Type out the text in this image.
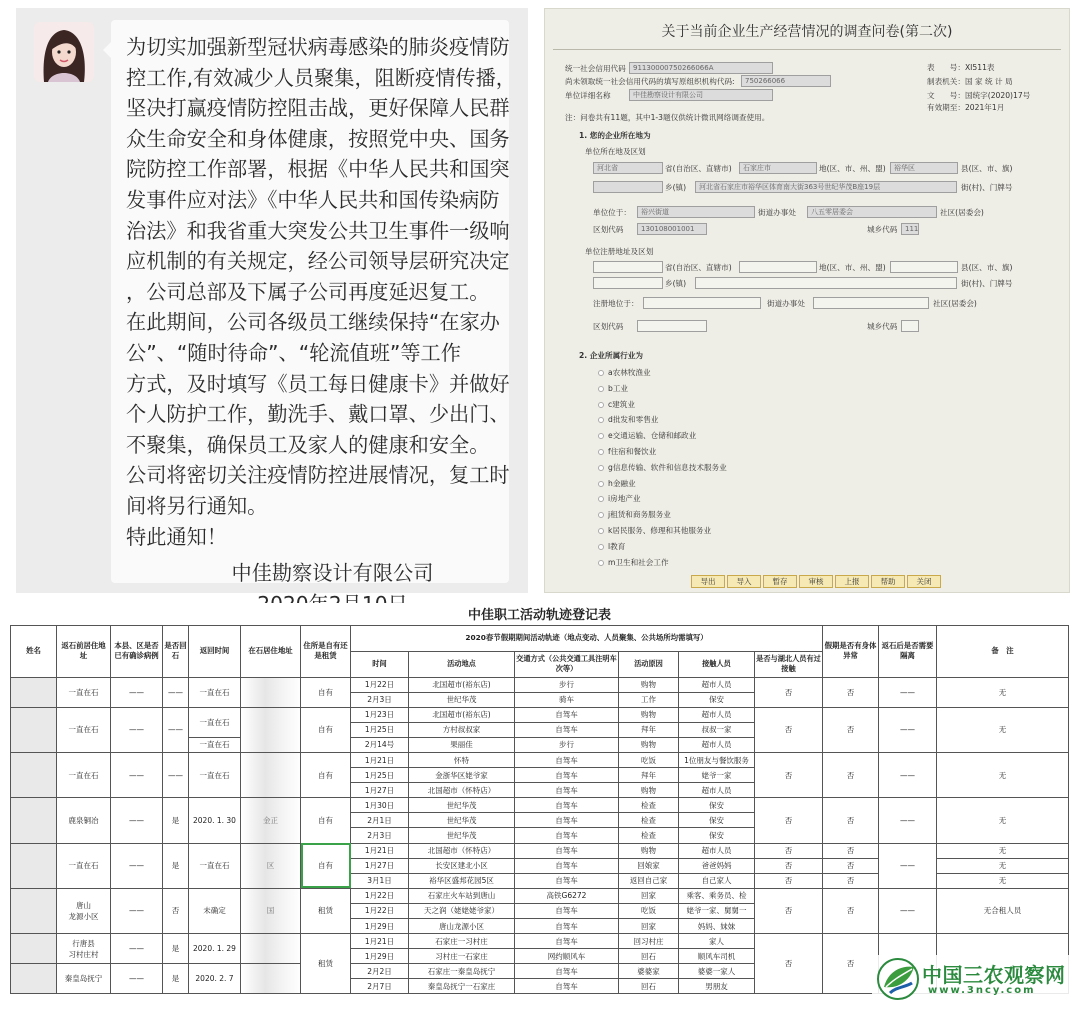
为切实加强新型冠状病毒感染的肺炎疫情防
控工作,有效减少人员聚集，阻断疫情传播，
坚决打赢疫情防控阻击战，更好保障人民群
众生命安全和身体健康，按照党中央、国务
院防控工作部署，根据《中华人民共和国突
发事件应对法》《中华人民共和国传染病防
治法》和我省重大突发公共卫生事件一级响
应机制的有关规定，经公司领导层研究决定
，公司总部及下属子公司再度延迟复工。
在此期间，公司各级员工继续保持“在家办
公”、“随时待命”、“轮流值班”等工作
方式，及时填写《员工每日健康卡》并做好
个人防护工作，勤洗手、戴口罩、少出门、
不聚集，确保员工及家人的健康和安全。
公司将密切关注疫情防控进展情况，复工时
间将另行通知。
特此通知！
中佳勘察设计有限公司
关于当前企业生产经营情况的调查问卷(第二次)
统一社会信用代码	91130000750266066A
尚未领取统一社会信用代码的填写原组织机构代码:	750266066
单位详细名称	中佳勘察设计有限公司
表　　号：XI511表
制表机关：国 家 统 计 局
文　　号：国统字(2020)17号
有效期至：2021年1月
注：问卷共有11题，其中1-3题仅供统计微讯网络调查使用。
1. 您的企业所在地为
单位所在地及区划
河北省	省(自治区、直辖市)	石家庄市	地(区、市、州、盟)	裕华区	县(区、市、旗)
乡(镇)	河北省石家庄市裕华区体育南大街363号世纪华茂B座19层	街(村)、门牌号
单位位于：	裕兴街道	街道办事处	八五零居委会	社区(居委会)
区划代码	130108001001	城乡代码	111
单位注册地址及区划
省(自治区、直辖市)	地(区、市、州、盟)	县(区、市、旗)
乡(镇)	街(村)、门牌号
注册地位于：	街道办事处	社区(居委会)
区划代码	城乡代码
2. 企业所属行业为
a农林牧渔业
b工业
c建筑业
d批发和零售业
e交通运输、仓储和邮政业
f住宿和餐饮业
g信息传输、软件和信息技术服务业
h金融业
i房地产业
j租赁和商务服务业
k居民服务、修理和其他服务业
l教育
m卫生和社会工作
导出	导入	暂存	审核	上报	帮助	关闭
中佳职工活动轨迹登记表															
姓名	返石前居住地址	本县、区是否已有确诊病例	是否回石	返回时间	在石居住地址	住所是自有还是租赁	2020春节假期期间活动轨迹（地点变动、人员聚集、公共场所均需填写）						假期是否有身体异常	返石后是否需要隔离	备　注
							时间	活动地点	交通方式（公共交通工具注明车次等）	活动原因	接触人员	是否与湖北人员有过接触			
	一直在石	——	——	一直在石		自有	1月22日	北国超市(裕东店)	步行	购物	超市人员	否	否	——	无
							2月3日	世纪华茂	骑车	工作	保安				
	一直在石	——	——	一直在石		自有	1月23日	北国超市(裕东店)	自驾车	购物	超市人员	否	否	——	无
							1月25日	方村叔叔家	自驾车	拜年	叔叔一家				
				一直在石			2月14号	果丽佳	步行	购物	超市人员				
	一直在石	——	——	一直在石		自有	1月21日	怀特	自驾车	吃饭	1位朋友与餐饮服务	否	否	——	无
							1月25日	金浙华区姥爷家	自驾车	拜年	姥爷一家				
							1月27日	北国超市（怀特店）	自驾车	购物	超市人员				
	鹿泉铜冶	——	是	2020. 1. 30	金正	自有	1月30日	世纪华茂	自驾车	检查	保安	否	否	——	无
							2月1日	世纪华茂	自驾车	检查	保安				
							2月3日	世纪华茂	自驾车	检查	保安				
	一直在石	——	是	一直在石	区	自有	1月21日	北国超市（怀特店）	自驾车	购物	超市人员	否	否	——	无
							1月27日	长安区建北小区	自驾车	回娘家	爸爸妈妈	否	否		无
							3月1日	裕华区盛邦花园5区	自驾车	返回自己家	自己家人	否	否		无
	唐山
龙源小区	——	否	未确定	国	租赁	1月22日	石家庄火车站到唐山	高铁G6272	回家	乘客、乘务员、检	否	否	——	无合租人员
							1月22日	天之润（姥姥姥爷家）	自驾车	吃饭	姥爷一家、舅舅一				
							1月29日	唐山龙源小区	自驾车	回家	妈妈、妹妹				
	行唐县
习村庄村	——	是	2020. 1. 29		租赁	1月21日	石家庄一习村庄	自驾车	回习村庄	家人	否	否		
							1月29日	习村庄一石家庄	网约顺风车	回石	顺风车司机				
	秦皇岛抚宁	——	是	2020. 2. 7			2月2日	石家庄一秦皇岛抚宁	自驾车	婆婆家	婆婆一家人				
							2月7日	秦皇岛抚宁一石家庄	自驾车	回石	男朋友					中国三农观察网
www.3ncy.com
